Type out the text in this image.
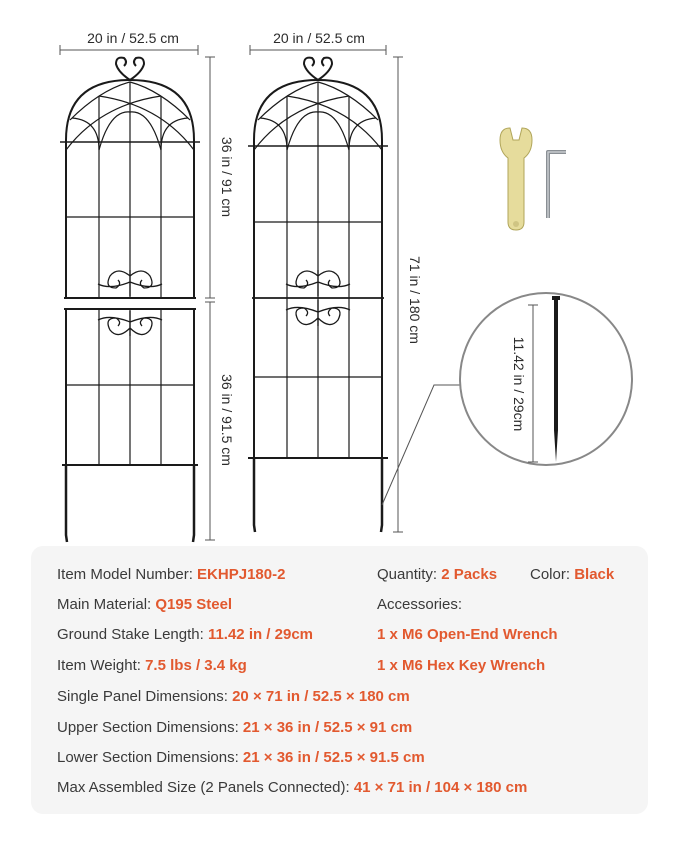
20 in / 52.5 cm	20 in / 52.5 cm
36 in / 91 cm
36 in / 91.5 cm
71 in / 180 cm
11.42 in / 29cm
Item Model Number: EKHPJ180-2	Quantity: 2 Packs Color: Black
Main Material: Q195 Steel	Accessories:
Ground Stake Length: 11.42 in / 29cm	1 x M6 Open-End Wrench
Item Weight: 7.5 lbs / 3.4 kg	1 x M6 Hex Key Wrench
Single Panel Dimensions: 20 × 71 in / 52.5 × 180 cm
Upper Section Dimensions: 21 × 36 in / 52.5 × 91 cm
Lower Section Dimensions: 21 × 36 in / 52.5 × 91.5 cm
Max Assembled Size (2 Panels Connected): 41 × 71 in / 104 × 180 cm
